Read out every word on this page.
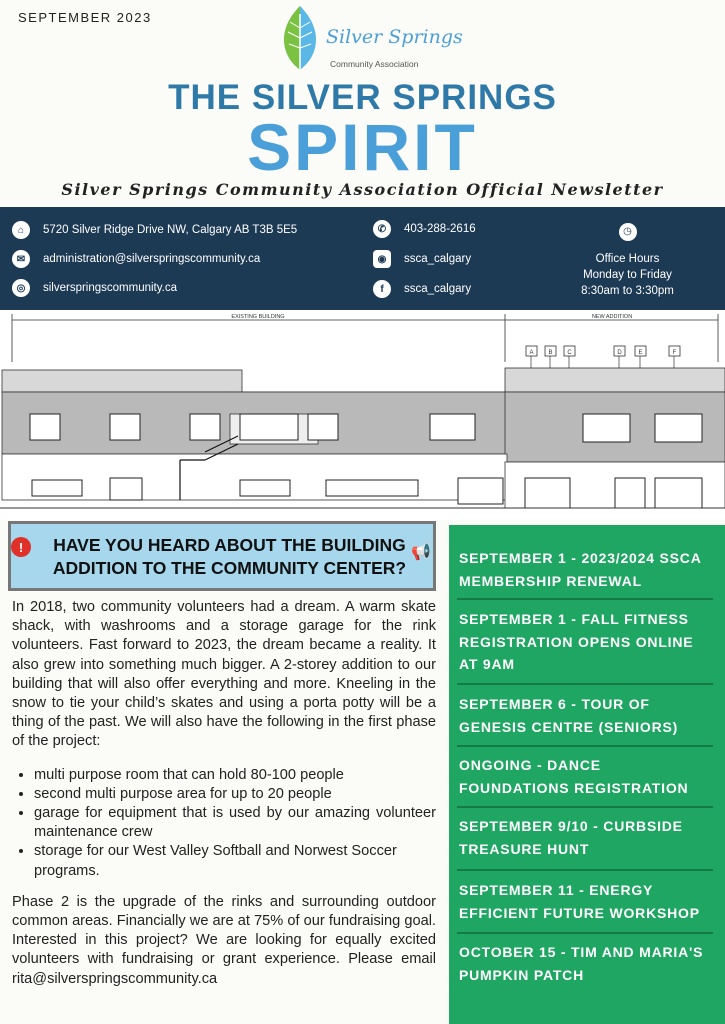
SEPTEMBER 2023
Silver Springs
Community Association
THE SILVER SPRINGS
SPIRIT
Silver Springs Community Association Official Newsletter
⌂	5720 Silver Ridge Drive NW, Calgary AB T3B 5E5
✉	administration@silverspringscommunity.ca
◎	silverspringscommunity.ca
✆	403-288-2616
◉	ssca_calgary
f	ssca_calgary
◷
Office Hours
Monday to Friday
8:30am to 3:30pm
EXISTING BUILDING	NEW ADDITION
A B C	D	E	F
!	HAVE YOU HEARD ABOUT THE BUILDING ADDITION TO THE COMMUNITY CENTER?
📢

In 2018, two community volunteers had a dream. A warm skate shack, with washrooms and a storage garage for the rink volunteers. Fast forward to 2023, the dream became a reality. It also grew into something much bigger. A 2-storey addition to our building that will also offer everything and more. Kneeling in the snow to tie your child’s skates and using a porta potty will be a thing of the past. We will also have the following in the first phase of the project:

• multi purpose room that can hold 80-100 people
• second multi purpose area for up to 20 people
• garage for equipment that is used by our amazing volunteer maintenance crew
• storage for our West Valley Softball and Norwest Soccer programs.

Phase 2 is the upgrade of the rinks and surrounding outdoor common areas. Financially we are at 75% of our fundraising goal. Interested in this project? We are looking for equally excited volunteers with fundraising or grant experience. Please email rita@silverspringscommunity.ca

SEPTEMBER 1 - 2023/2024 SSCA MEMBERSHIP RENEWAL
SEPTEMBER 1 - FALL FITNESS REGISTRATION OPENS ONLINE AT 9AM
SEPTEMBER 6 - TOUR OF GENESIS CENTRE (SENIORS)
ONGOING - DANCE FOUNDATIONS REGISTRATION
SEPTEMBER 9/10 - CURBSIDE TREASURE HUNT
SEPTEMBER 11 - ENERGY EFFICIENT FUTURE WORKSHOP
OCTOBER 15 - TIM AND MARIA'S PUMPKIN PATCH
